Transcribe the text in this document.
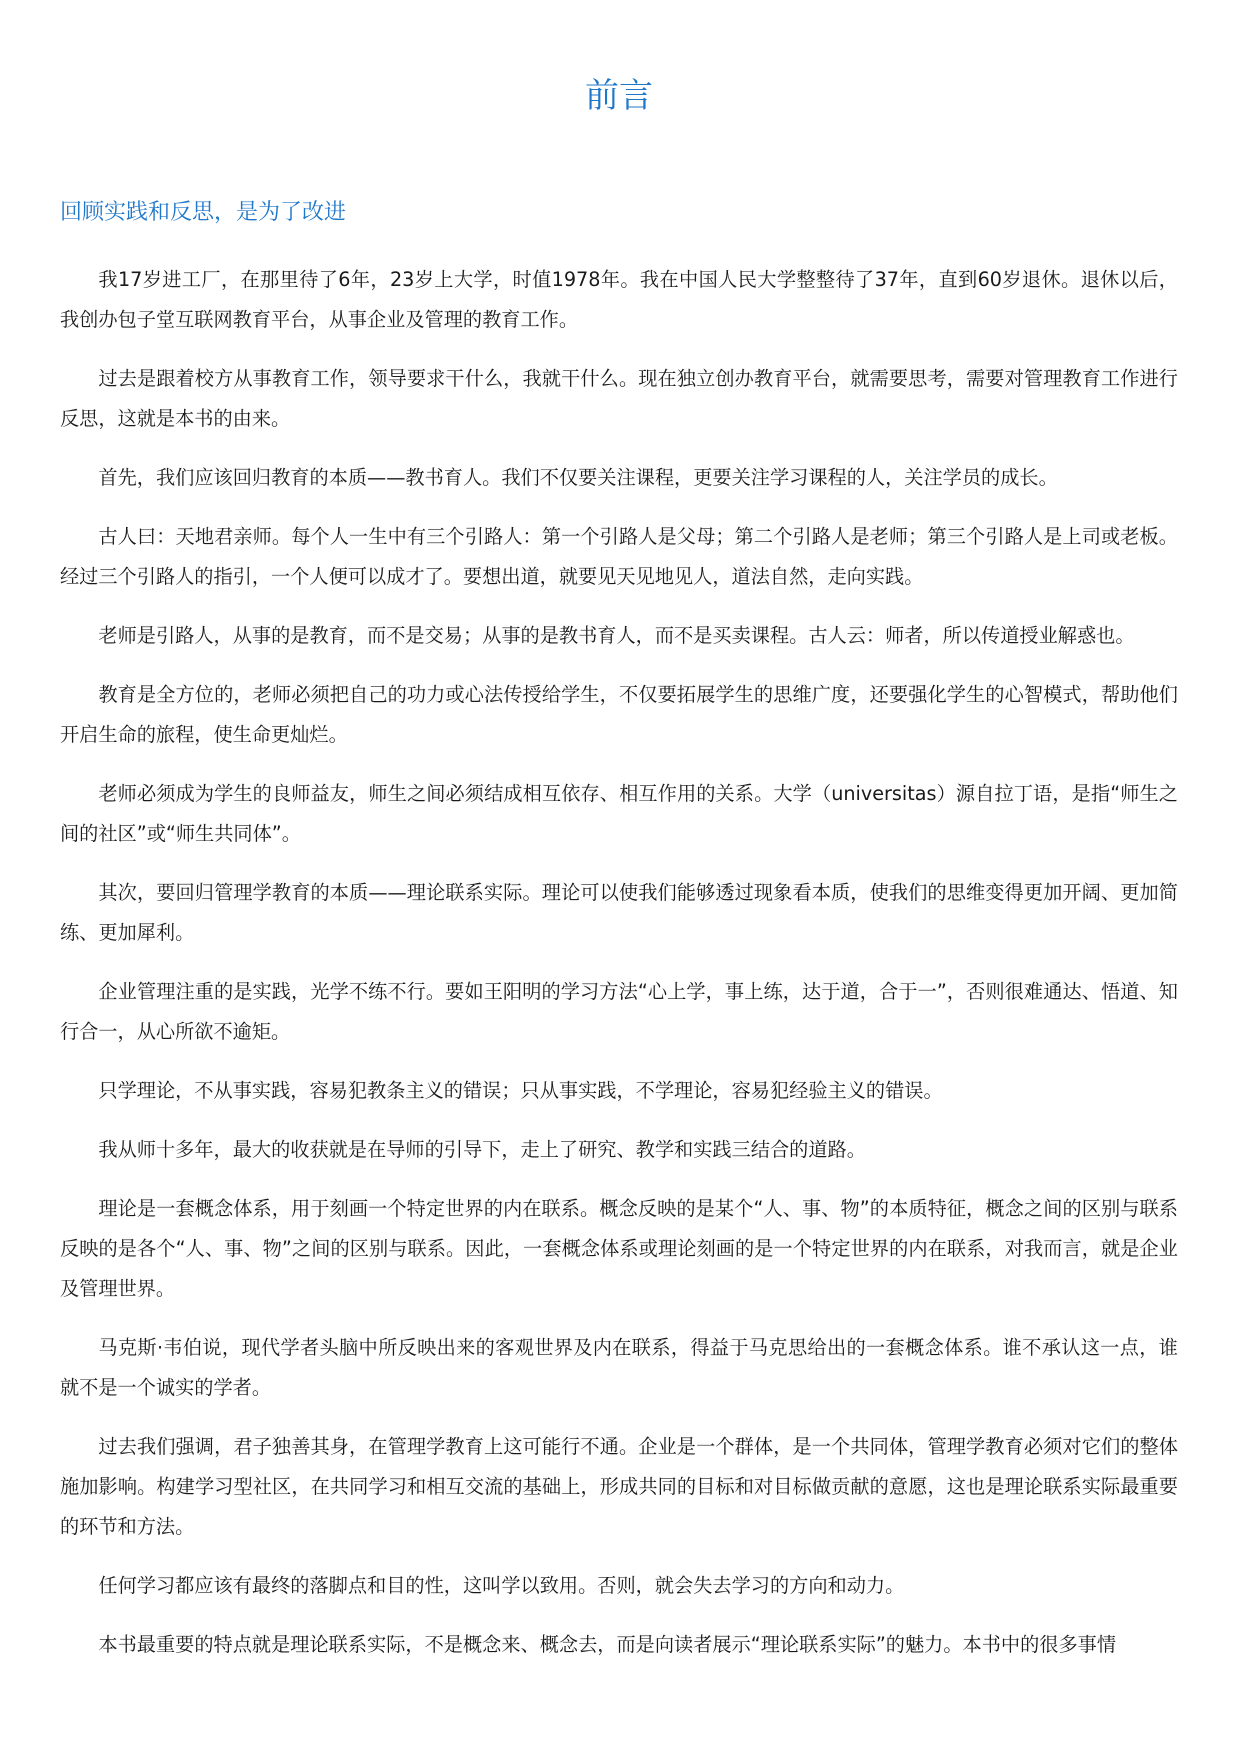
前言
回顾实践和反思，是为了改进

我17岁进工厂，在那里待了6年，23岁上大学，时值1978年。我在中国人民大学整整待了37年，直到60岁退休。退休以后，我创办包子堂互联网教育平台，从事企业及管理的教育工作。

过去是跟着校方从事教育工作，领导要求干什么，我就干什么。现在独立创办教育平台，就需要思考，需要对管理教育工作进行反思，这就是本书的由来。

首先，我们应该回归教育的本质——教书育人。我们不仅要关注课程，更要关注学习课程的人，关注学员的成长。

古人曰：天地君亲师。每个人一生中有三个引路人：第一个引路人是父母；第二个引路人是老师；第三个引路人是上司或老板。经过三个引路人的指引，一个人便可以成才了。要想出道，就要见天见地见人，道法自然，走向实践。

老师是引路人，从事的是教育，而不是交易；从事的是教书育人，而不是买卖课程。古人云：师者，所以传道授业解惑也。

教育是全方位的，老师必须把自己的功力或心法传授给学生，不仅要拓展学生的思维广度，还要强化学生的心智模式，帮助他们开启生命的旅程，使生命更灿烂。

老师必须成为学生的良师益友，师生之间必须结成相互依存、相互作用的关系。大学（universitas）源自拉丁语，是指“师生之间的社区”或“师生共同体”。

其次，要回归管理学教育的本质——理论联系实际。理论可以使我们能够透过现象看本质，使我们的思维变得更加开阔、更加简练、更加犀利。

企业管理注重的是实践，光学不练不行。要如王阳明的学习方法“心上学，事上练，达于道，合于一”，否则很难通达、悟道、知行合一，从心所欲不逾矩。

只学理论，不从事实践，容易犯教条主义的错误；只从事实践，不学理论，容易犯经验主义的错误。

我从师十多年，最大的收获就是在导师的引导下，走上了研究、教学和实践三结合的道路。

理论是一套概念体系，用于刻画一个特定世界的内在联系。概念反映的是某个“人、事、物”的本质特征，概念之间的区别与联系反映的是各个“人、事、物”之间的区别与联系。因此，一套概念体系或理论刻画的是一个特定世界的内在联系，对我而言，就是企业及管理世界。

马克斯·韦伯说，现代学者头脑中所反映出来的客观世界及内在联系，得益于马克思给出的一套概念体系。谁不承认这一点，谁就不是一个诚实的学者。

过去我们强调，君子独善其身，在管理学教育上这可能行不通。企业是一个群体，是一个共同体，管理学教育必须对它们的整体施加影响。构建学习型社区，在共同学习和相互交流的基础上，形成共同的目标和对目标做贡献的意愿，这也是理论联系实际最重要的环节和方法。

任何学习都应该有最终的落脚点和目的性，这叫学以致用。否则，就会失去学习的方向和动力。

本书最重要的特点就是理论联系实际，不是概念来、概念去，而是向读者展示“理论联系实际”的魅力。本书中的很多事情
